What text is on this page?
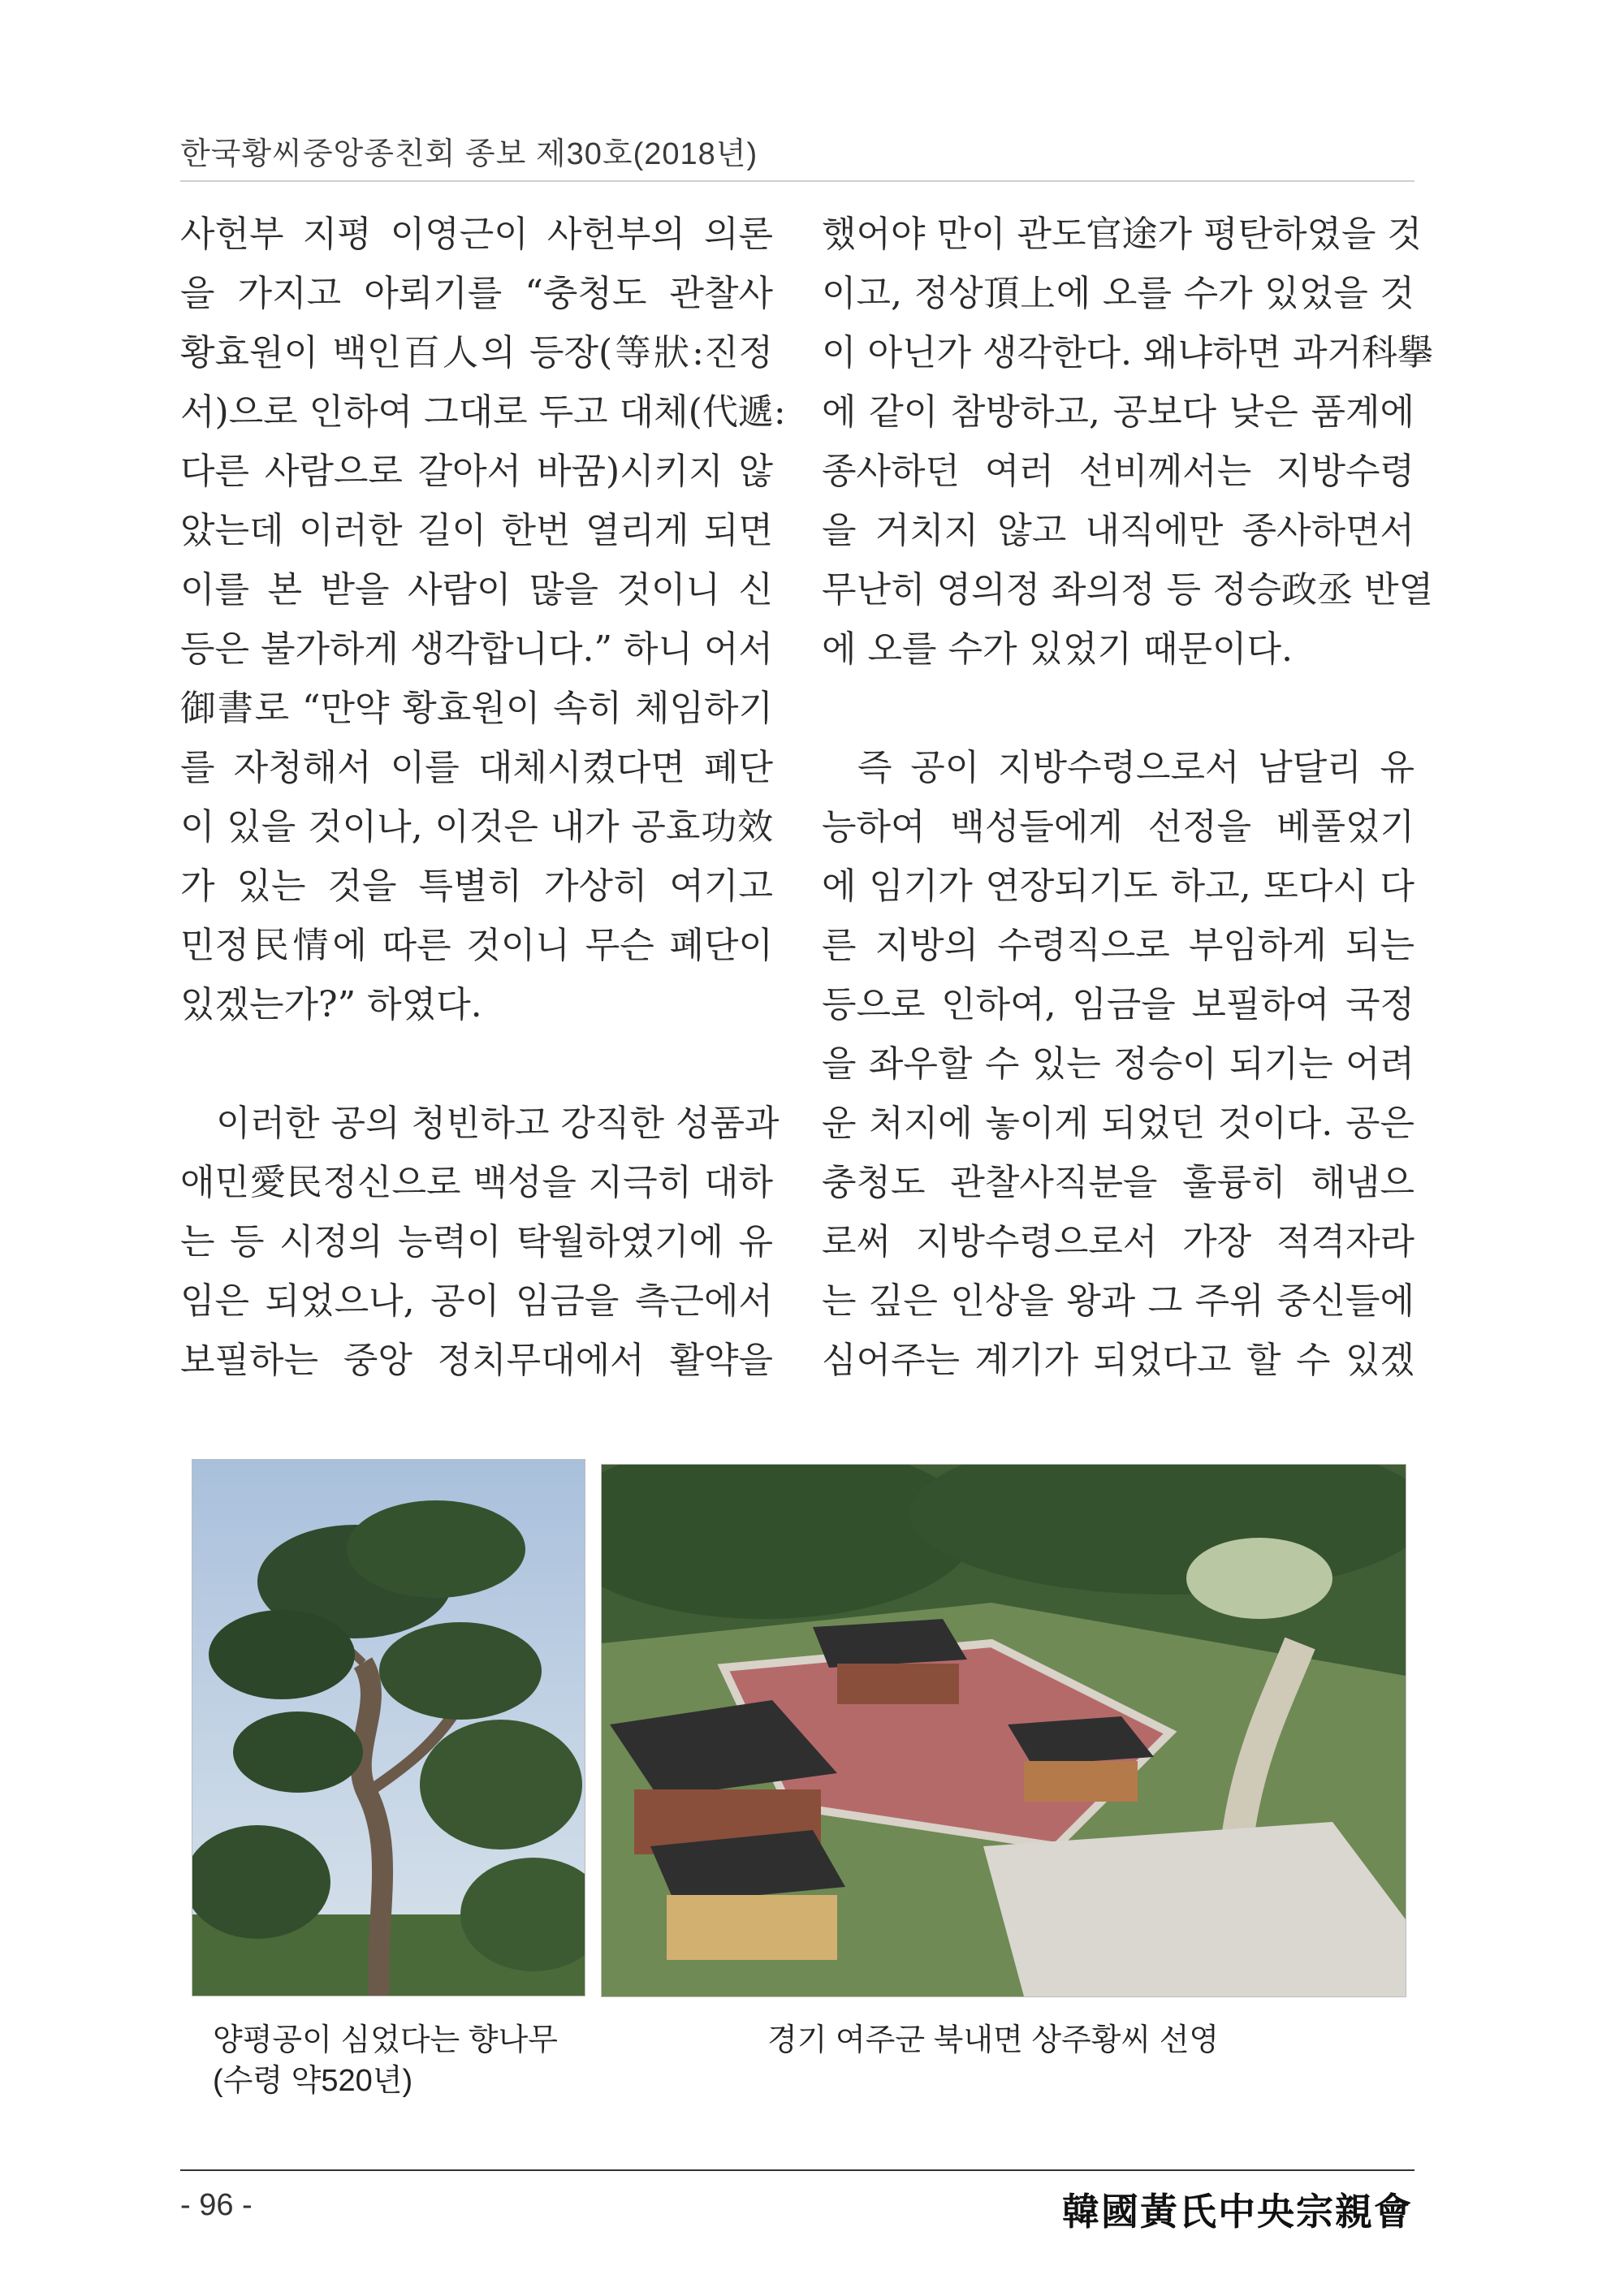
한국황씨중앙종친회 종보 제30호(2018년)

사헌부 지평 이영근이 사헌부의 의론
을 가지고 아뢰기를 “충청도 관찰사
황효원이 백인百人의 등장(等狀:진정
서)으로 인하여 그대로 두고 대체(代遞:
다른 사람으로 갈아서 바꿈)시키지 않
았는데 이러한 길이 한번 열리게 되면
이를 본 받을 사람이 많을 것이니 신
등은 불가하게 생각합니다.” 하니 어서
御書로 “만약 황효원이 속히 체임하기
를 자청해서 이를 대체시켰다면 폐단
이 있을 것이나, 이것은 내가 공효功效
가 있는 것을 특별히 가상히 여기고
민정民情에 따른 것이니 무슨 폐단이
있겠는가?” 하였다.

이러한 공의 청빈하고 강직한 성품과
애민愛民정신으로 백성을 지극히 대하
는 등 시정의 능력이 탁월하였기에 유
임은 되었으나, 공이 임금을 측근에서
보필하는 중앙 정치무대에서 활약을

했어야 만이 관도官途가 평탄하였을 것
이고, 정상頂上에 오를 수가 있었을 것
이 아닌가 생각한다. 왜냐하면 과거科擧
에 같이 참방하고, 공보다 낮은 품계에
종사하던 여러 선비께서는 지방수령
을 거치지 않고 내직에만 종사하면서
무난히 영의정 좌의정 등 정승政丞 반열
에 오를 수가 있었기 때문이다.

즉 공이 지방수령으로서 남달리 유
능하여 백성들에게 선정을 베풀었기
에 임기가 연장되기도 하고, 또다시 다
른 지방의 수령직으로 부임하게 되는
등으로 인하여, 임금을 보필하여 국정
을 좌우할 수 있는 정승이 되기는 어려
운 처지에 놓이게 되었던 것이다. 공은
충청도 관찰사직분을 훌륭히 해냄으
로써 지방수령으로서 가장 적격자라
는 깊은 인상을 왕과 그 주위 중신들에
심어주는 계기가 되었다고 할 수 있겠

양평공이 심었다는 향나무
(수령 약520년)
경기 여주군 북내면 상주황씨 선영
- 96 -	韓國黃氏中央宗親會
